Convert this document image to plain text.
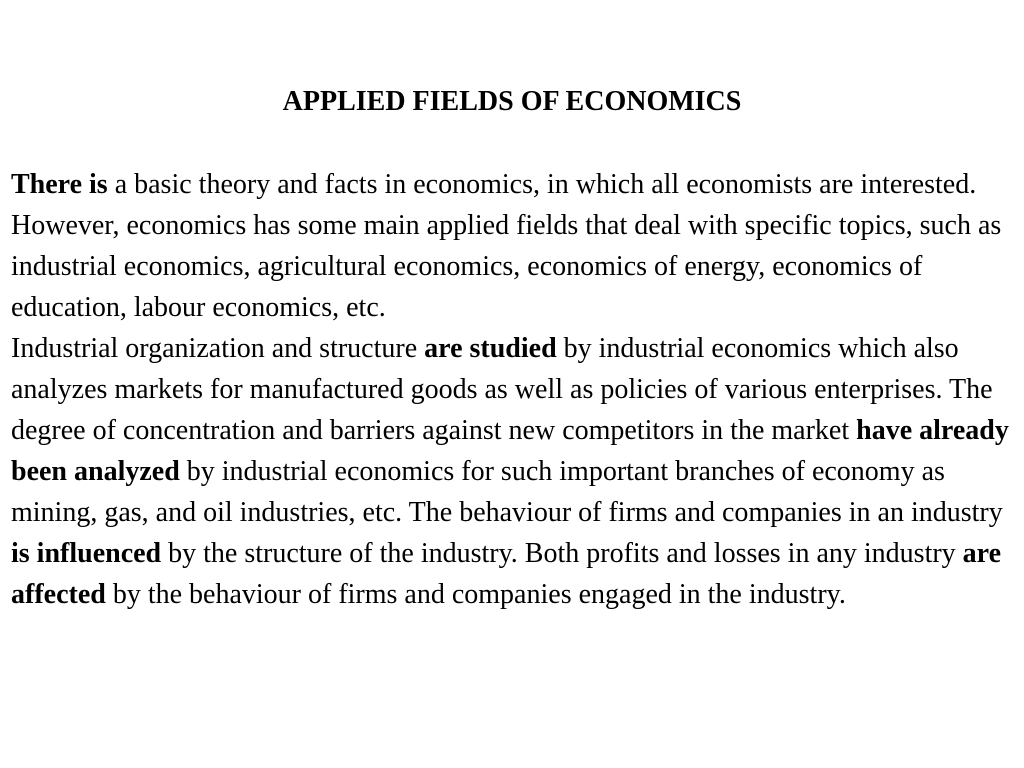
APPLIED FIELDS OF ECONOMICS

There is a basic theory and facts in economics, in which all economists are interested. However, economics has some main applied fields that deal with specific topics, such as industrial economics, agricultural economics, economics of energy, economics of education, labour economics, etc.

Industrial organization and structure are studied by industrial economics which also analyzes markets for manufactured goods as well as policies of various enterprises. The degree of concentration and barriers against new competitors in the market have already been analyzed by industrial economics for such important branches of economy as mining, gas, and oil industries, etc. The behaviour of firms and companies in an industry is influenced by the structure of the industry. Both profits and losses in any industry are affected by the behaviour of firms and companies engaged in the industry.
